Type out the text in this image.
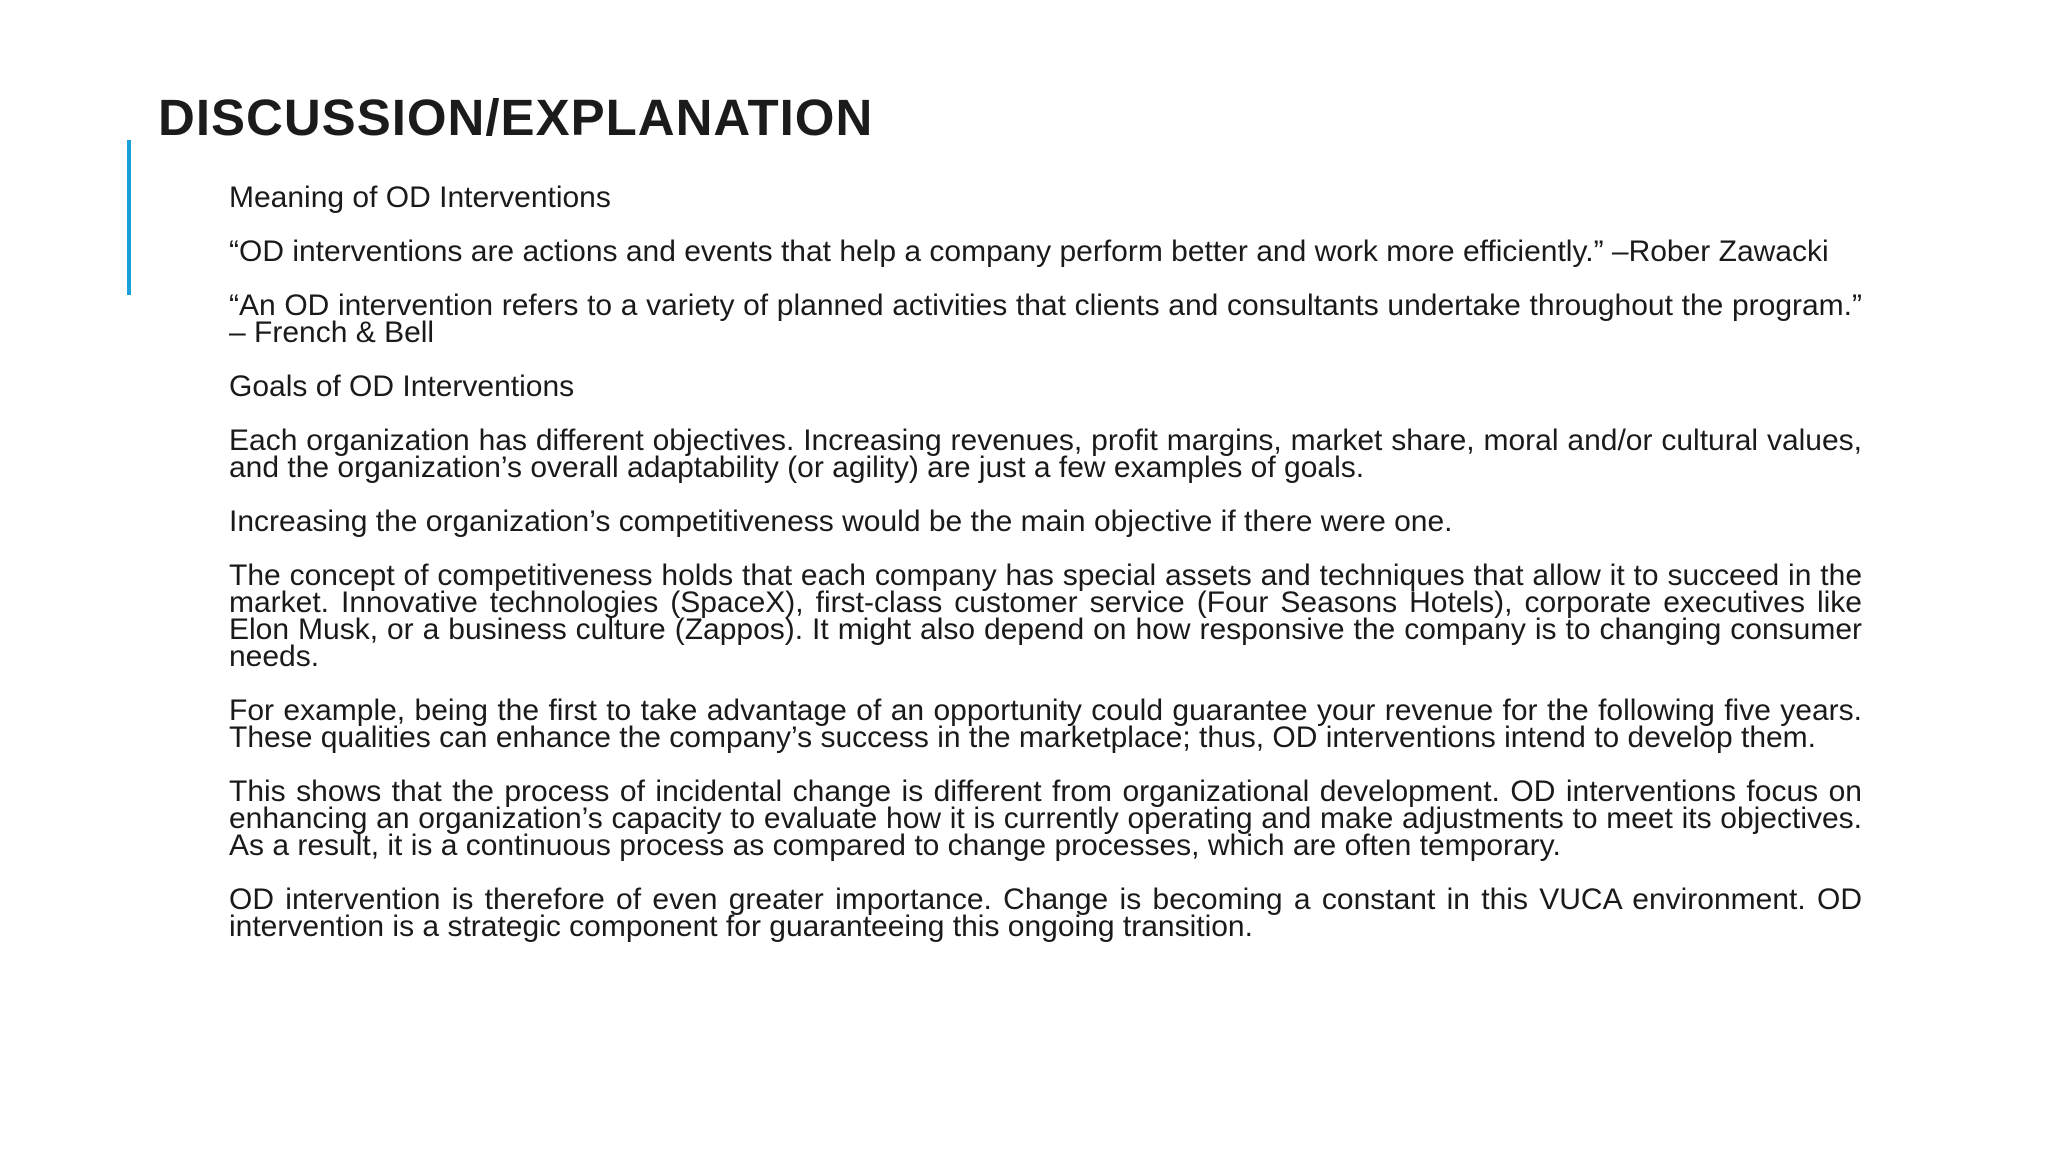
DISCUSSION/EXPLANATION

Meaning of OD Interventions

“OD interventions are actions and events that help a company perform better and work more efficiently.” –Rober Zawacki

“An OD intervention refers to a variety of planned activities that clients and consultants undertake throughout the program.” – French & Bell

Goals of OD Interventions

Each organization has different objectives. Increasing revenues, profit margins, market share, moral and/or cultural values, and the organization’s overall adaptability (or agility) are just a few examples of goals.

Increasing the organization’s competitiveness would be the main objective if there were one.

The concept of competitiveness holds that each company has special assets and techniques that allow it to succeed in the market. Innovative technologies (SpaceX), first-class customer service (Four Seasons Hotels), corporate executives like Elon Musk, or a business culture (Zappos). It might also depend on how responsive the company is to changing consumer needs.

For example, being the first to take advantage of an opportunity could guarantee your revenue for the following five years. These qualities can enhance the company’s success in the marketplace; thus, OD interventions intend to develop them.

This shows that the process of incidental change is different from organizational development. OD interventions focus on enhancing an organization’s capacity to evaluate how it is currently operating and make adjustments to meet its objectives. As a result, it is a continuous process as compared to change processes, which are often temporary.

OD intervention is therefore of even greater importance. Change is becoming a constant in this VUCA environment. OD intervention is a strategic component for guaranteeing this ongoing transition.
